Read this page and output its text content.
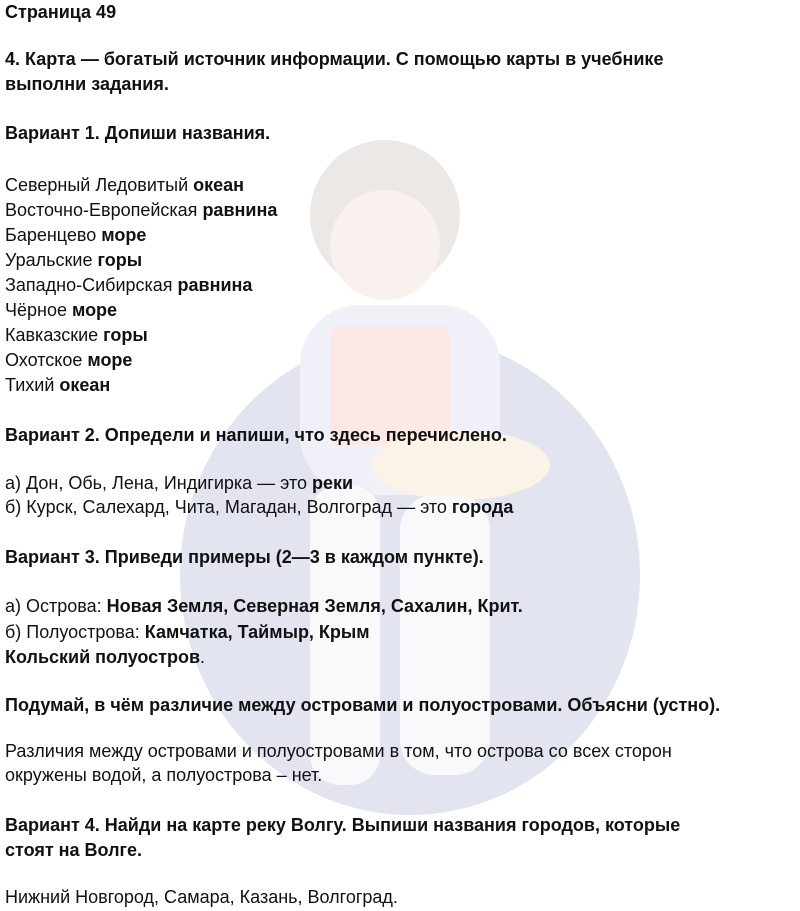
Страница 49
4. Карта — богатый источник информации. С помощью карты в учебнике
выполни задания.
Вариант 1. Допиши названия.
Северный Ледовитый океан
Восточно-Европейская равнина
Баренцево море
Уральские горы
Западно-Сибирская равнина
Чёрное море
Кавказские горы
Охотское море
Тихий океан
Вариант 2. Определи и напиши, что здесь перечислено.
а) Дон, Обь, Лена, Индигирка — это реки
б) Курск, Салехард, Чита, Магадан, Волгоград — это города
Вариант 3. Приведи примеры (2—3 в каждом пункте).
а) Острова: Новая Земля, Северная Земля, Сахалин, Крит.
б) Полуострова: Камчатка, Таймыр, Крым
Кольский полуостров.
Подумай, в чём различие между островами и полуостровами. Объясни (устно).
Различия между островами и полуостровами в том, что острова со всех сторон
окружены водой, а полуострова – нет.
Вариант 4. Найди на карте реку Волгу. Выпиши названия городов, которые
стоят на Волге.
Нижний Новгород, Самара, Казань, Волгоград.
